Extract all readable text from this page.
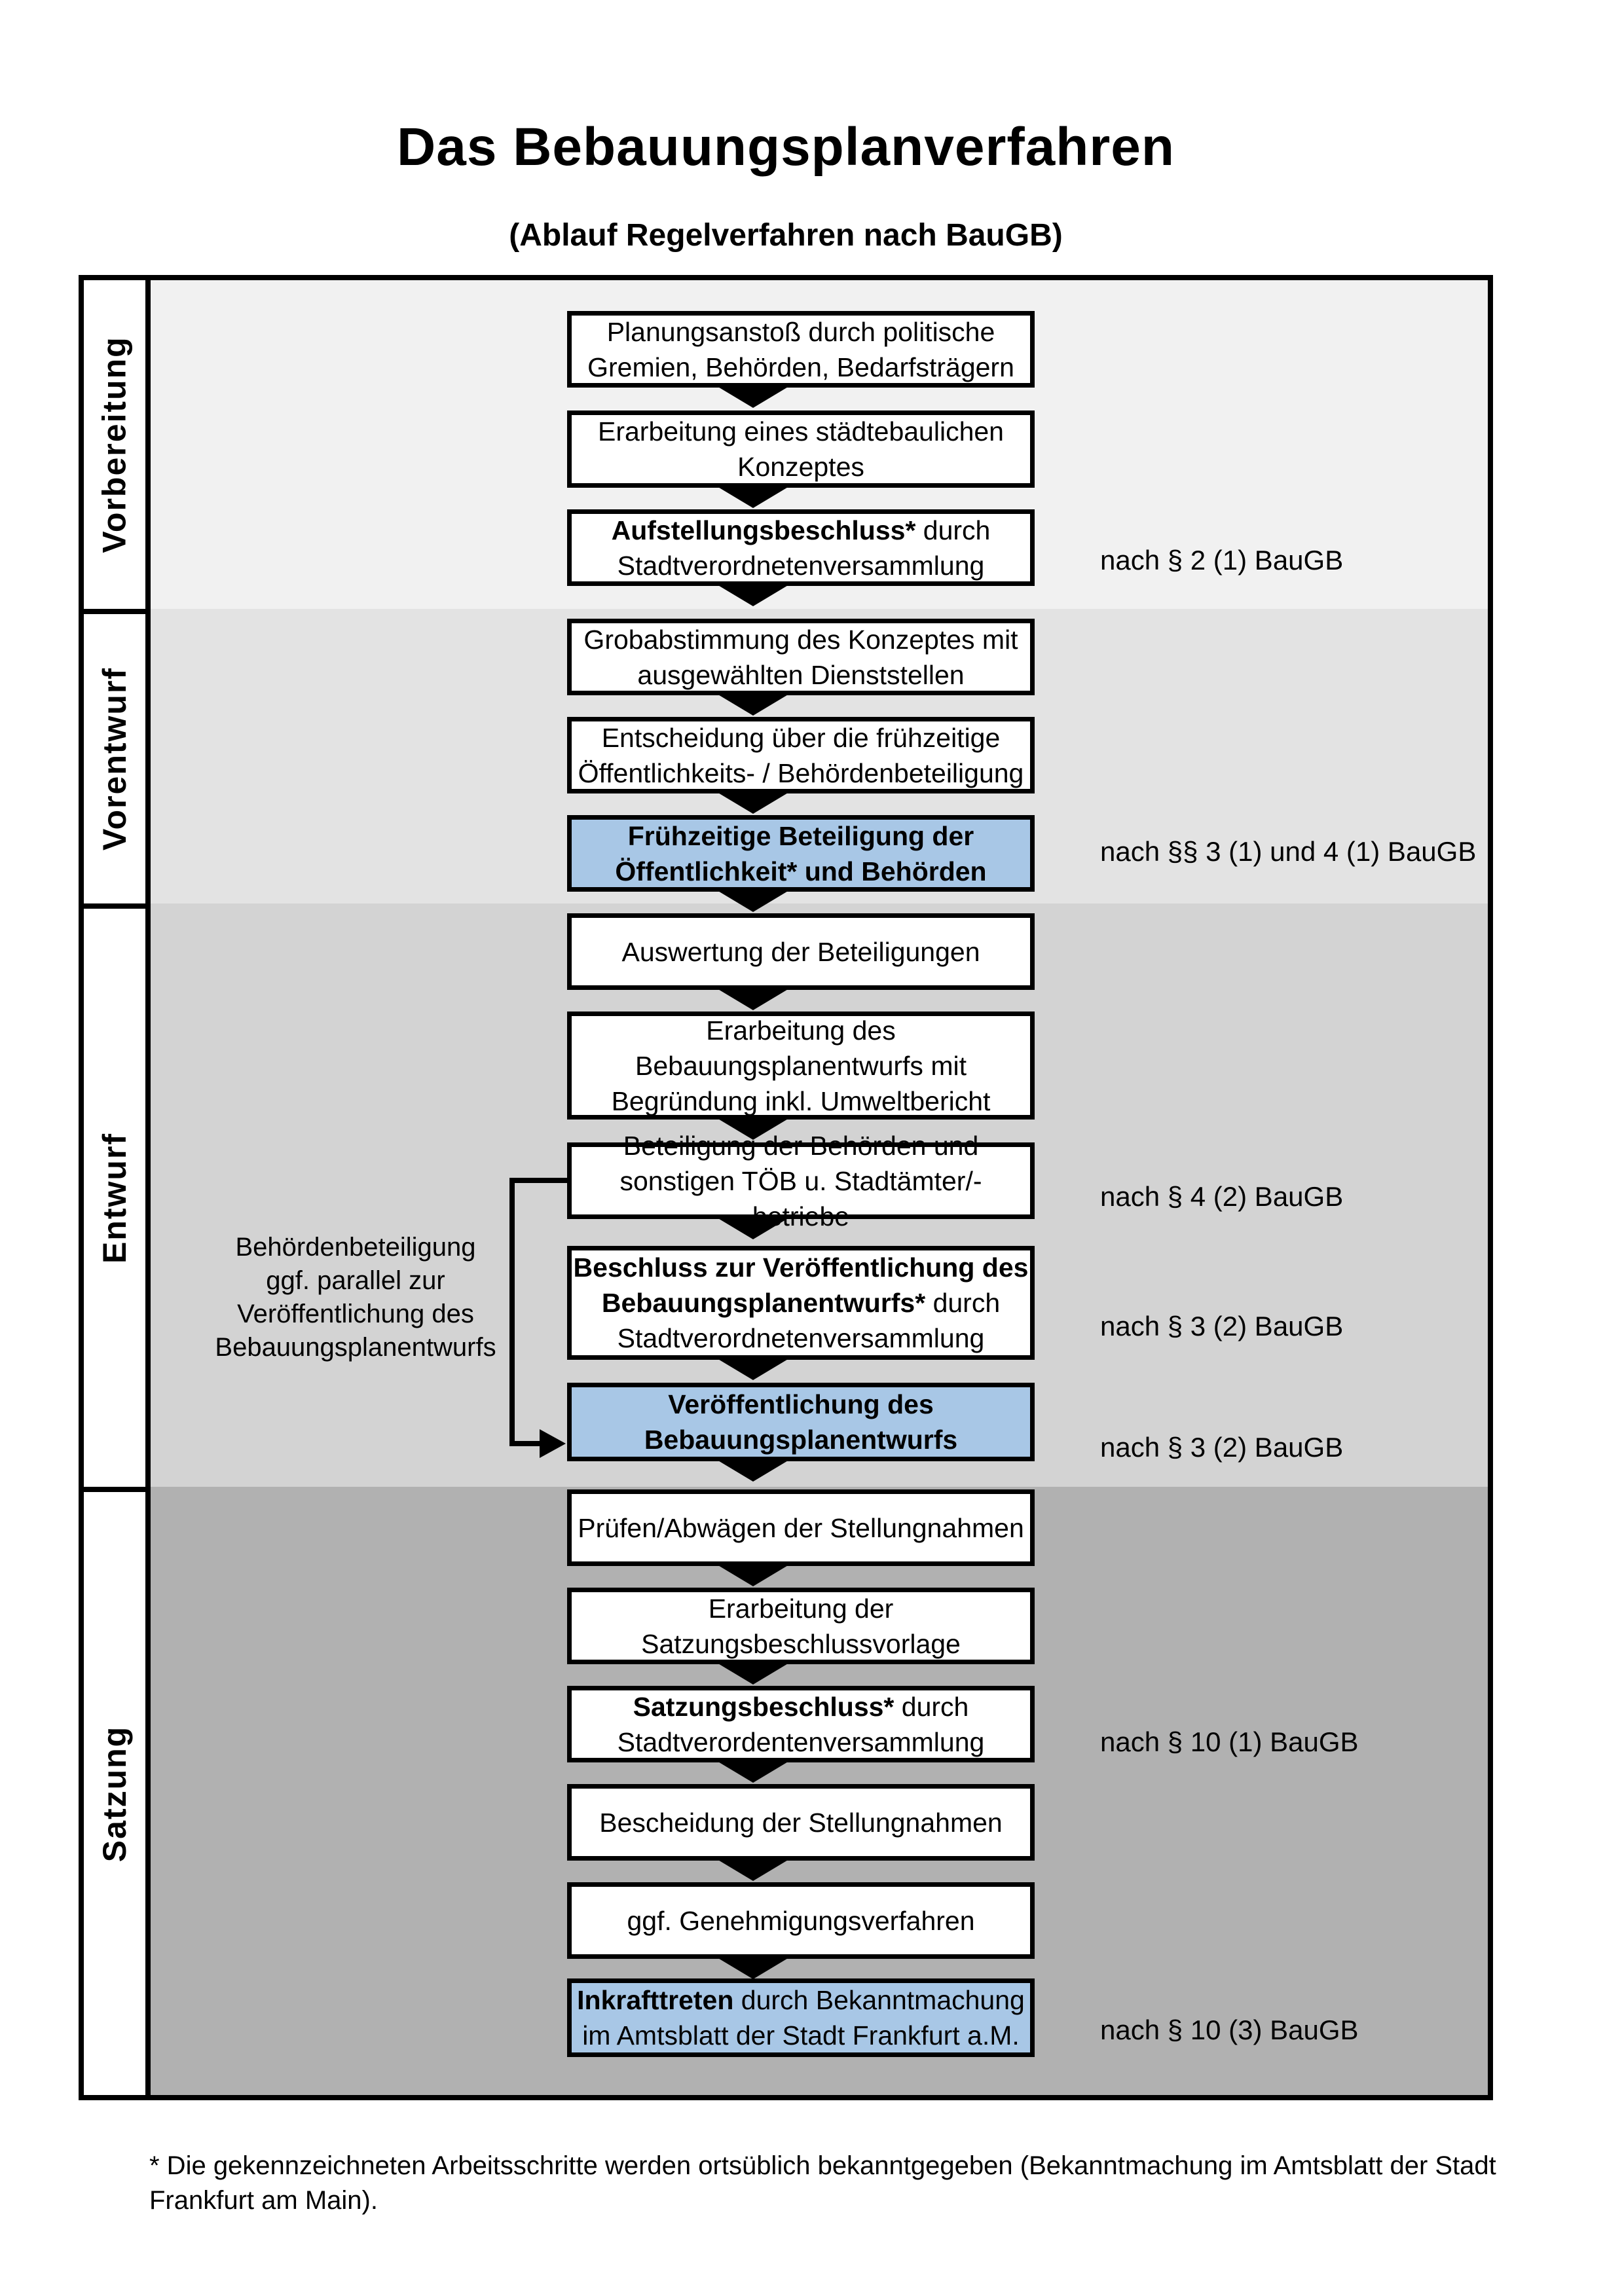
Das Bebauungsplanverfahren
(Ablauf Regelverfahren nach BauGB)
Vorbereitung
Vorentwurf
Entwurf
Satzung
Planungsanstoß durch politische
Gremien, Behörden, Bedarfsträgern
Erarbeitung eines städtebaulichen
Konzeptes
Aufstellungsbeschluss* durch
Stadtverordnetenversammlung
Grobabstimmung des Konzeptes mit
ausgewählten Dienststellen
Entscheidung über die frühzeitige
Öffentlichkeits- / Behördenbeteiligung
Frühzeitige Beteiligung der
Öffentlichkeit* und Behörden
Auswertung der Beteiligungen
Erarbeitung des
Bebauungsplanentwurfs mit
Begründung inkl. Umweltbericht
Beteiligung der Behörden und
sonstigen TÖB u. Stadtämter/-betriebe
Beschluss zur Veröffentlichung des
Bebauungsplanentwurfs* durch
Stadtverordnetenversammlung
Veröffentlichung des
Bebauungsplanentwurfs
Prüfen/Abwägen der Stellungnahmen
Erarbeitung der
Satzungsbeschlussvorlage
Satzungsbeschluss* durch
Stadtverordentenversammlung
Bescheidung der Stellungnahmen
ggf. Genehmigungsverfahren
Inkrafttreten durch Bekanntmachung
im Amtsblatt der Stadt Frankfurt a.M.
Behördenbeteiligung
ggf. parallel zur
Veröffentlichung des
Bebauungsplanentwurfs
nach § 2 (1) BauGB
nach §§ 3 (1) und 4 (1) BauGB
nach § 4 (2) BauGB
nach § 3 (2) BauGB
nach § 3 (2) BauGB
nach § 10 (1) BauGB
nach § 10 (3) BauGB
* Die gekennzeichneten Arbeitsschritte werden ortsüblich bekanntgegeben (Bekanntmachung im Amtsblatt der Stadt
Frankfurt am Main).
